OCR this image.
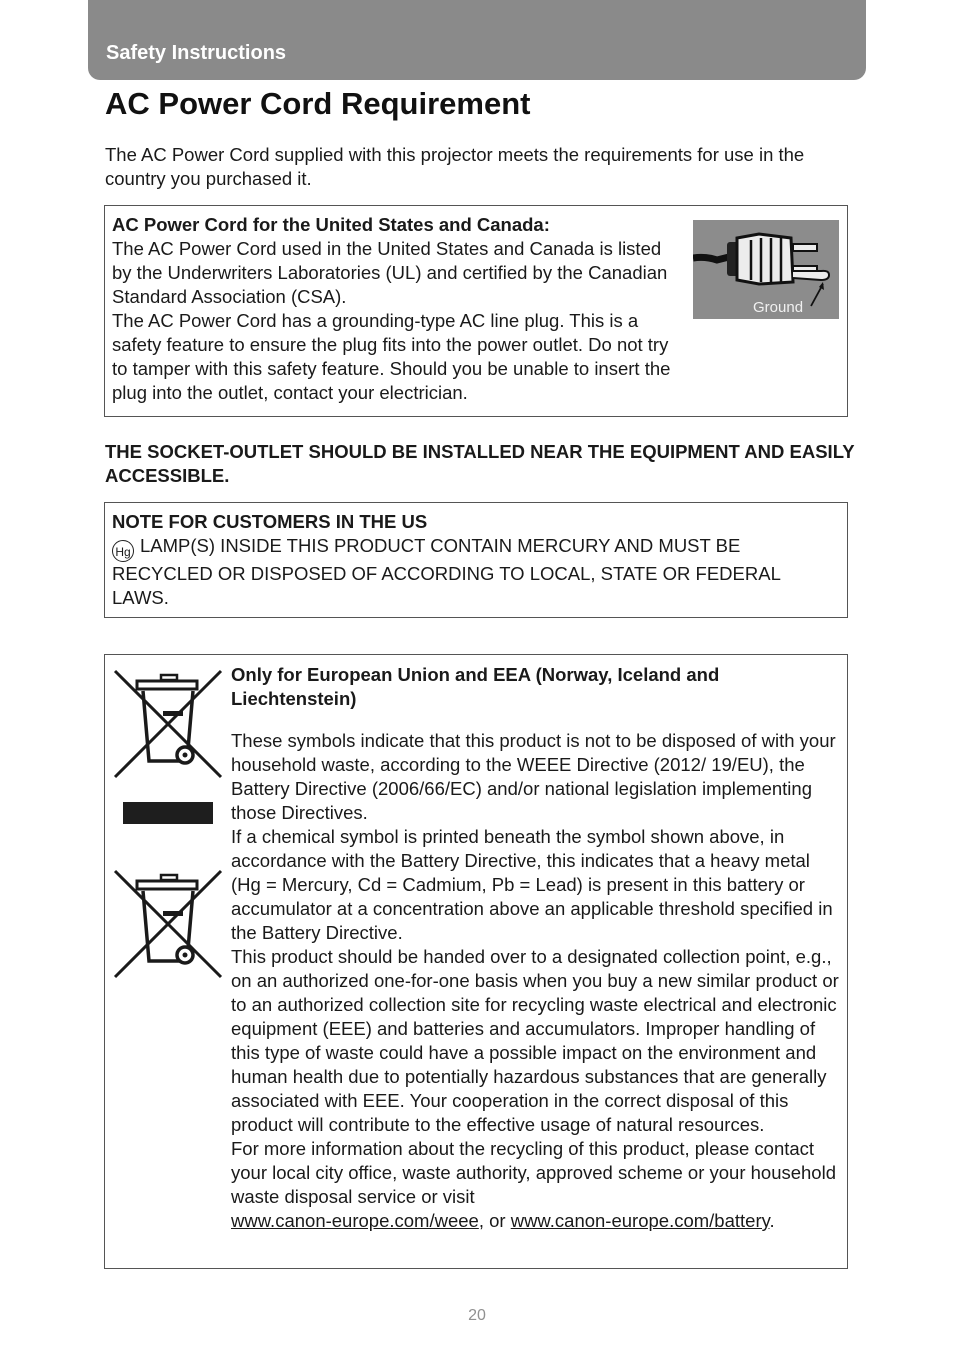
Safety Instructions
AC Power Cord Requirement
The AC Power Cord supplied with this projector meets the requirements for use in the country you purchased it.
AC Power Cord for the United States and Canada:
The AC Power Cord used in the United States and Canada is listed by the Underwriters Laboratories (UL) and certified by the Canadian Standard Association (CSA).
The AC Power Cord has a grounding-type AC line plug. This is a safety feature to ensure the plug fits into the power outlet. Do not try to tamper with this safety feature. Should you be unable to insert the plug into the outlet, contact your electrician.
Ground
THE SOCKET-OUTLET SHOULD BE INSTALLED NEAR THE EQUIPMENT AND EASILY ACCESSIBLE.
NOTE FOR CUSTOMERS IN THE US
Hg LAMP(S) INSIDE THIS PRODUCT CONTAIN MERCURY AND MUST BE RECYCLED OR DISPOSED OF ACCORDING TO LOCAL, STATE OR FEDERAL LAWS.
Only for European Union and EEA (Norway, Iceland and Liechtenstein)
These symbols indicate that this product is not to be disposed of with your household waste, according to the WEEE Directive (2012/ 19/EU), the Battery Directive (2006/66/EC) and/or national legislation implementing those Directives.
If a chemical symbol is printed beneath the symbol shown above, in accordance with the Battery Directive, this indicates that a heavy metal (Hg = Mercury, Cd = Cadmium, Pb = Lead) is present in this battery or accumulator at a concentration above an applicable threshold specified in the Battery Directive.
This product should be handed over to a designated collection point, e.g., on an authorized one-for-one basis when you buy a new similar product or to an authorized collection site for recycling waste electrical and electronic equipment (EEE) and batteries and accumulators. Improper handling of this type of waste could have a possible impact on the environment and human health due to potentially hazardous substances that are generally associated with EEE. Your cooperation in the correct disposal of this product will contribute to the effective usage of natural resources.
For more information about the recycling of this product, please contact your local city office, waste authority, approved scheme or your household waste disposal service or visit
www.canon-europe.com/weee, or www.canon-europe.com/battery.
20
